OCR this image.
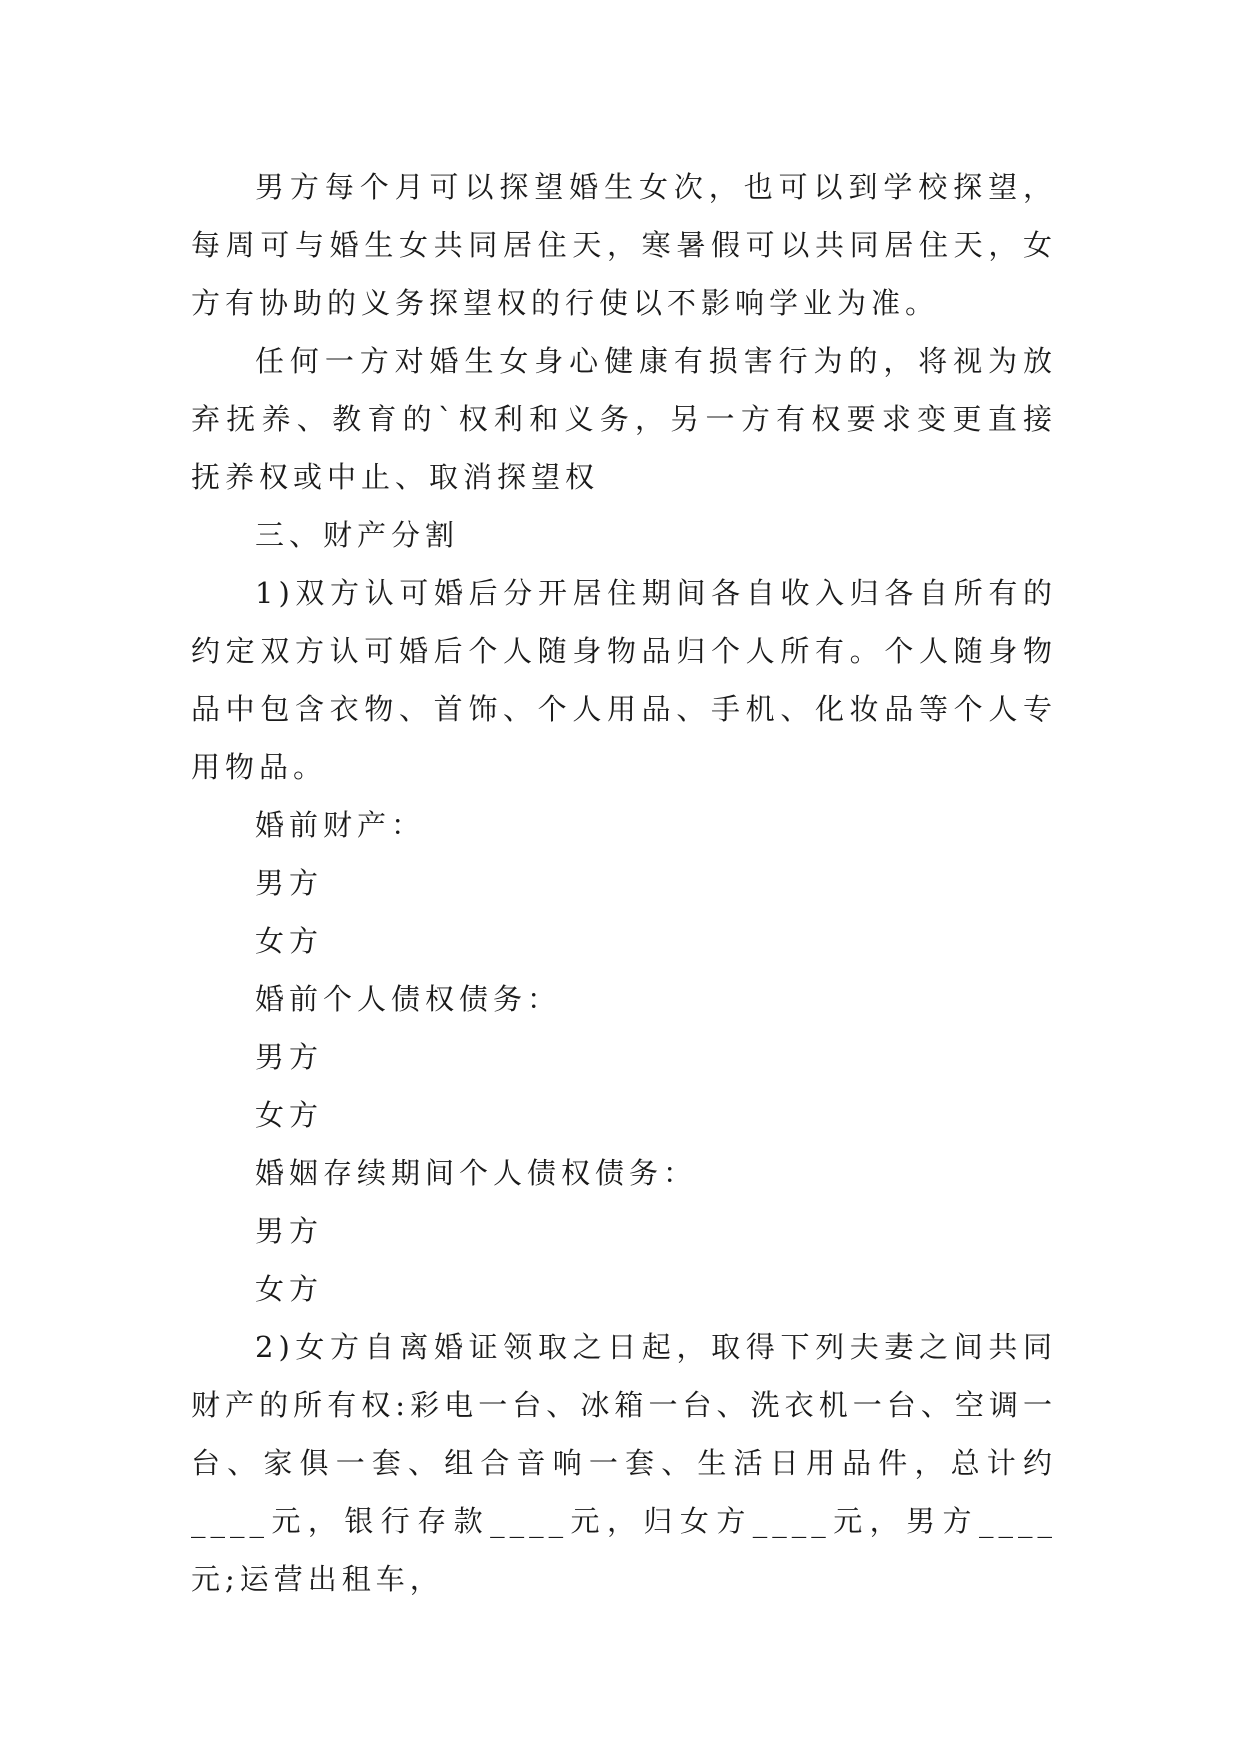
男方每个月可以探望婚生女次，也可以到学校探望，每周可与婚生女共同居住天，寒暑假可以共同居住天，女方有协助的义务探望权的行使以不影响学业为准。

任何一方对婚生女身心健康有损害行为的，将视为放弃抚养、教育的`权利和义务，另一方有权要求变更直接抚养权或中止、取消探望权

三、财产分割

1)双方认可婚后分开居住期间各自收入归各自所有的约定双方认可婚后个人随身物品归个人所有。个人随身物品中包含衣物、首饰、个人用品、手机、化妆品等个人专用物品。

婚前财产：

男方

女方

婚前个人债权债务：

男方

女方

婚姻存续期间个人债权债务：

男方

女方

2)女方自离婚证领取之日起，取得下列夫妻之间共同财产的所有权:彩电一台、冰箱一台、洗衣机一台、空调一台、家俱一套、组合音响一套、生活日用品件，总计约____元，银行存款____元，归女方____元，男方____元;运营出租车，
